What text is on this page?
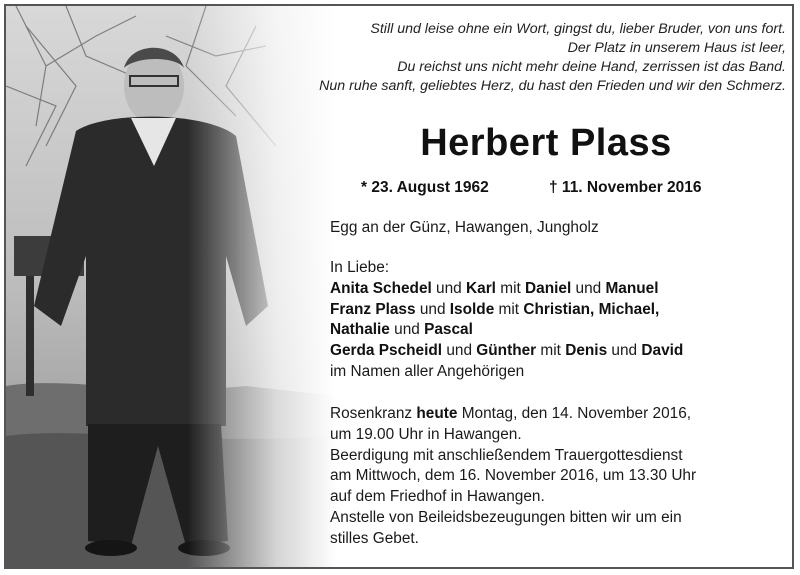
Still und leise ohne ein Wort, gingst du, lieber Bruder, von uns fort.
Der Platz in unserem Haus ist leer,
Du reichst uns nicht mehr deine Hand, zerrissen ist das Band.
Nun ruhe sanft, geliebtes Herz, du hast den Frieden und wir den Schmerz.
Herbert Plass
* 23. August 1962	† 11. November 2016
Egg an der Günz, Hawangen, Jungholz
In Liebe:
Anita Schedel und Karl mit Daniel und Manuel
Franz Plass und Isolde mit Christian, Michael,
Nathalie und Pascal
Gerda Pscheidl und Günther mit Denis und David
im Namen aller Angehörigen
Rosenkranz heute Montag, den 14. November 2016,
um 19.00 Uhr in Hawangen.
Beerdigung mit anschließendem Trauergottesdienst
am Mittwoch, dem 16. November 2016, um 13.30 Uhr
auf dem Friedhof in Hawangen.
Anstelle von Beileidsbezeugungen bitten wir um ein
stilles Gebet.
